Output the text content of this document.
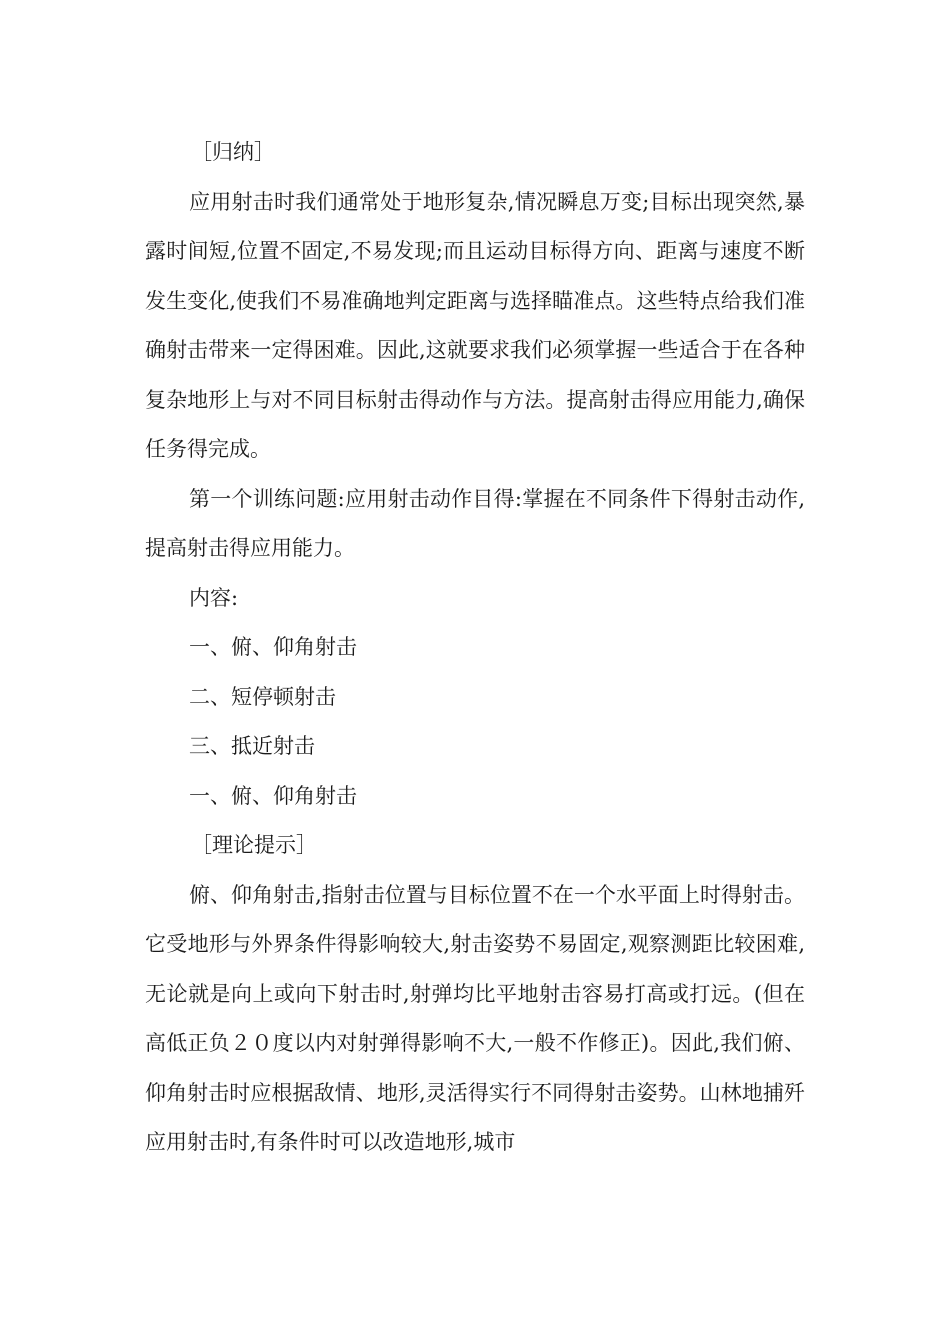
［归纳］

应用射击时我们通常处于地形复杂,情况瞬息万变;目标出现突然,暴露时间短,位置不固定,不易发现;而且运动目标得方向、距离与速度不断发生变化,使我们不易准确地判定距离与选择瞄准点。这些特点给我们准确射击带来一定得困难。因此,这就要求我们必须掌握一些适合于在各种复杂地形上与对不同目标射击得动作与方法。提高射击得应用能力,确保任务得完成。

第一个训练问题:应用射击动作目得:掌握在不同条件下得射击动作,提高射击得应用能力。

内容:

一、俯、仰角射击

二、短停顿射击

三、抵近射击

一、俯、仰角射击

［理论提示］

俯、仰角射击,指射击位置与目标位置不在一个水平面上时得射击。它受地形与外界条件得影响较大,射击姿势不易固定,观察测距比较困难,无论就是向上或向下射击时,射弹均比平地射击容易打高或打远。(但在高低正负２０度以内对射弹得影响不大,一般不作修正)。因此,我们俯、仰角射击时应根据敌情、地形,灵活得实行不同得射击姿势。山林地捕歼应用射击时,有条件时可以改造地形,城市
